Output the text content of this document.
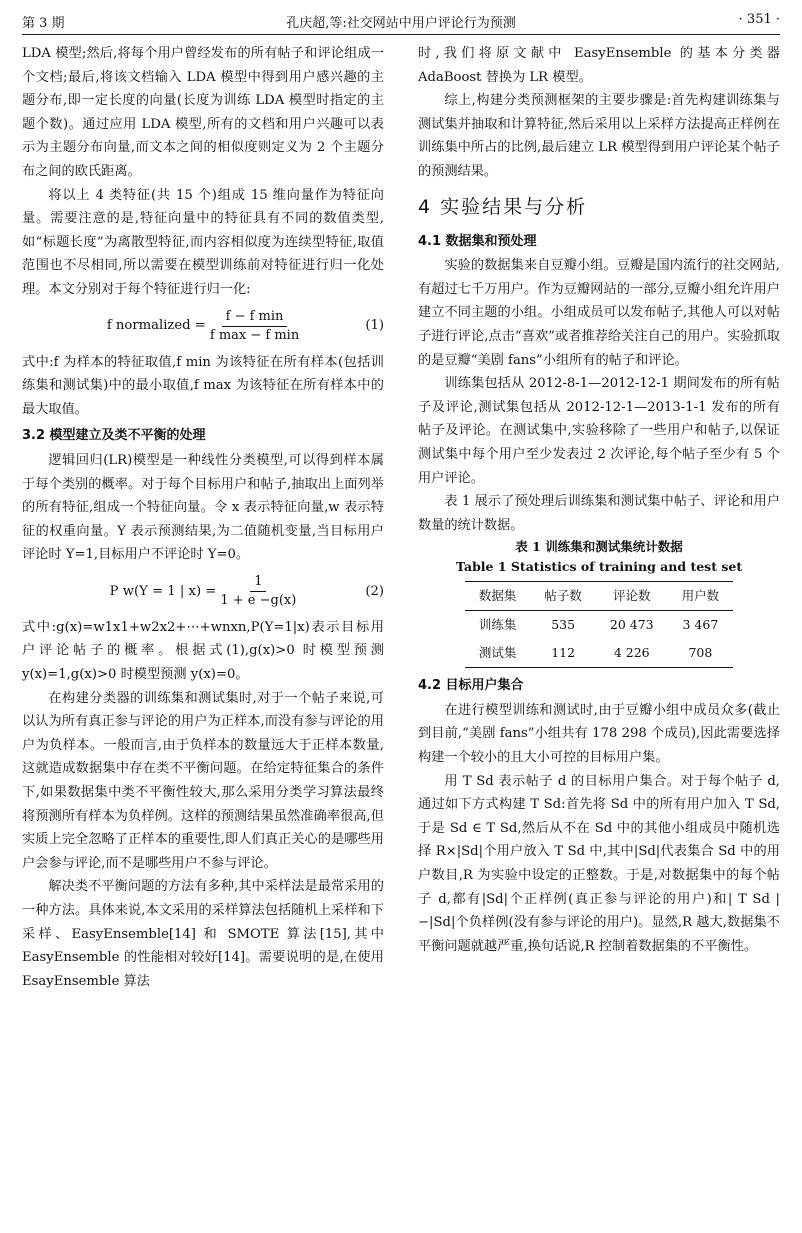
第 3 期	孔庆超,等:社交网站中用户评论行为预测	· 351 ·

LDA 模型;然后,将每个用户曾经发布的所有帖子和评论组成一个文档;最后,将该文档输入 LDA 模型中得到用户感兴趣的主题分布,即一定长度的向量(长度为训练 LDA 模型时指定的主题个数)。通过应用 LDA 模型,所有的文档和用户兴趣可以表示为主题分布向量,而文本之间的相似度则定义为 2 个主题分布之间的欧氏距离。

将以上 4 类特征(共 15 个)组成 15 维向量作为特征向量。需要注意的是,特征向量中的特征具有不同的数值类型,如“标题长度”为离散型特征,而内容相似度为连续型特征,取值范围也不尽相同,所以需要在模型训练前对特征进行归一化处理。本文分别对于每个特征进行归一化:

f normalized = $\frac{\text{f − f min}}{\text{f max − f min}}$	(1)

式中:f 为样本的特征取值,f min 为该特征在所有样本(包括训练集和测试集)中的最小取值,f max 为该特征在所有样本中的最大取值。

3.2 模型建立及类不平衡的处理

逻辑回归(LR)模型是一种线性分类模型,可以得到样本属于每个类别的概率。对于每个目标用户和帖子,抽取出上面列举的所有特征,组成一个特征向量。令 x 表示特征向量,w 表示特征的权重向量。Y 表示预测结果,为二值随机变量,当目标用户评论时 Y=1,目标用户不评论时 Y=0。

P w(Y = 1 | $x) = \frac{1}{1 + e -g(x)}$	(2)

式中:g(x)=w1x1+w2x2+⋯+wnxn,P(Y=1|x)表示目标用户评论帖子的概率。根据式(1),g(x)>0 时模型预测 y(x)=1,g(x)>0 时模型预测 y(x)=0。

在构建分类器的训练集和测试集时,对于一个帖子来说,可以认为所有真正参与评论的用户为正样本,而没有参与评论的用户为负样本。一般而言,由于负样本的数量远大于正样本数量,这就造成数据集中存在类不平衡问题。在给定特征集合的条件下,如果数据集中类不平衡性较大,那么采用分类学习算法最终将预测所有样本为负样例。这样的预测结果虽然准确率很高,但实质上完全忽略了正样本的重要性,即人们真正关心的是哪些用户会参与评论,而不是哪些用户不参与评论。

解决类不平衡问题的方法有多种,其中采样法是最常采用的一种方法。具体来说,本文采用的采样算法包括随机上采样和下采样、EasyEnsemble[14] 和 SMOTE 算法[15],其中 EasyEnsemble 的性能相对较好[14]。需要说明的是,在使用 EsayEnsemble 算法

时,我们将原文献中 EasyEnsemble 的基本分类器 AdaBoost 替换为 LR 模型。

综上,构建分类预测框架的主要步骤是:首先构建训练集与测试集并抽取和计算特征,然后采用以上采样方法提高正样例在训练集中所占的比例,最后建立 LR 模型得到用户评论某个帖子的预测结果。

4 实验结果与分析

4.1 数据集和预处理

实验的数据集来自豆瓣小组。豆瓣是国内流行的社交网站,有超过七千万用户。作为豆瓣网站的一部分,豆瓣小组允许用户建立不同主题的小组。小组成员可以发布帖子,其他人可以对帖子进行评论,点击“喜欢”或者推荐给关注自己的用户。实验抓取的是豆瓣“美剧 fans”小组所有的帖子和评论。

训练集包括从 2012-8-1—2012-12-1 期间发布的所有帖子及评论,测试集包括从 2012-12-1—2013-1-1 发布的所有帖子及评论。在测试集中,实验移除了一些用户和帖子,以保证测试集中每个用户至少发表过 2 次评论,每个帖子至少有 5 个用户评论。

表 1 展示了预处理后训练集和测试集中帖子、评论和用户数量的统计数据。

表 1 训练集和测试集统计数据
Table 1 Statistics of training and test set
数据集	帖子数	评论数	用户数
训练集	535	20 473	3 467
测试集	112	4 226	708

4.2 目标用户集合

在进行模型训练和测试时,由于豆瓣小组中成员众多(截止到目前,“美剧 fans”小组共有 178 298 个成员),因此需要选择构建一个较小的且大小可控的目标用户集。

用 T Sd 表示帖子 d 的目标用户集合。对于每个帖子 d,通过如下方式构建 T Sd:首先将 Sd 中的所有用户加入 T Sd,于是 Sd ∈ T Sd,然后从不在 Sd 中的其他小组成员中随机选择 R×|Sd|个用户放入 T Sd 中,其中|Sd|代表集合 Sd 中的用户数目,R 为实验中设定的正整数。于是,对数据集中的每个帖子 d,都有|Sd|个正样例(真正参与评论的用户)和| T Sd |−|Sd|个负样例(没有参与评论的用户)。显然,R 越大,数据集不平衡问题就越严重,换句话说,R 控制着数据集的不平衡性。
